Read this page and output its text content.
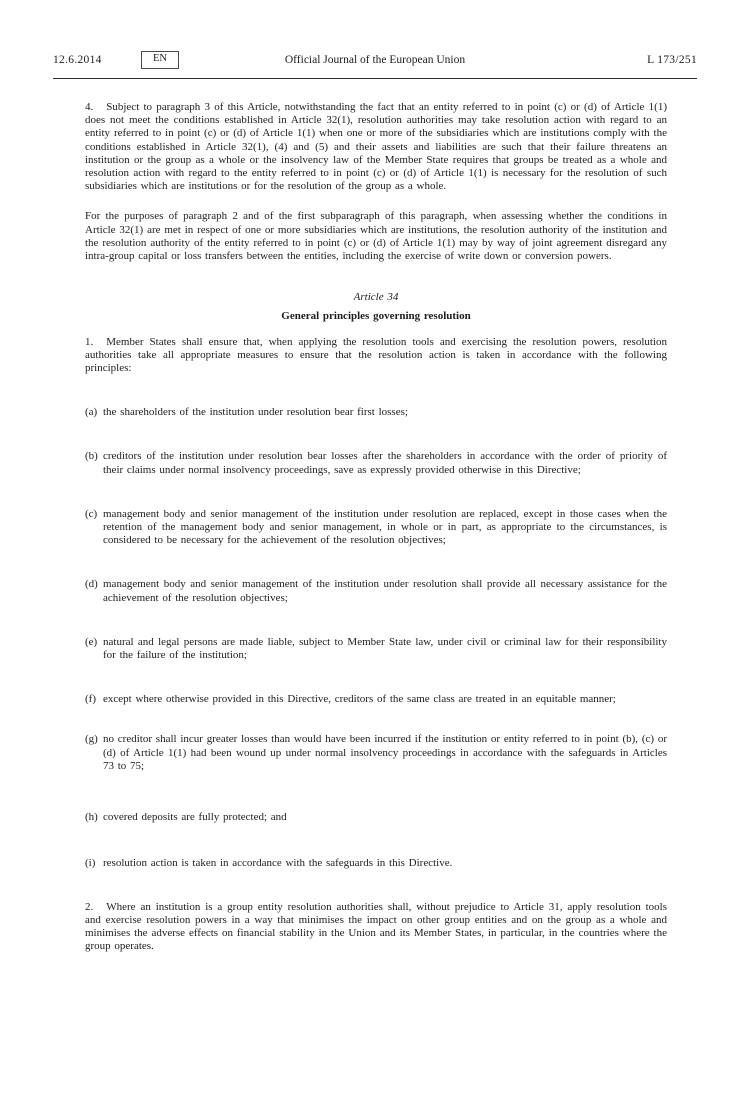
12.6.2014	EN	Official Journal of the European Union	L 173/251

4. Subject to paragraph 3 of this Article, notwithstanding the fact that an entity referred to in point (c) or (d) of Article 1(1) does not meet the conditions established in Article 32(1), resolution authorities may take resolution action with regard to an entity referred to in point (c) or (d) of Article 1(1) when one or more of the subsidiaries which are institutions comply with the conditions established in Article 32(1), (4) and (5) and their assets and liabilities are such that their failure threatens an institution or the group as a whole or the insolvency law of the Member State requires that groups be treated as a whole and resolution action with regard to the entity referred to in point (c) or (d) of Article 1(1) is necessary for the resolution of such subsidiaries which are institutions or for the resolution of the group as a whole.

For the purposes of paragraph 2 and of the first subparagraph of this paragraph, when assessing whether the conditions in Article 32(1) are met in respect of one or more subsidiaries which are institutions, the resolution authority of the institution and the resolution authority of the entity referred to in point (c) or (d) of Article 1(1) may by way of joint agreement disregard any intra-group capital or loss transfers between the entities, including the exercise of write down or conversion powers.

Article 34

General principles governing resolution

1. Member States shall ensure that, when applying the resolution tools and exercising the resolution powers, resolution authorities take all appropriate measures to ensure that the resolution action is taken in accordance with the following principles:

(a) the shareholders of the institution under resolution bear first losses;
(b) creditors of the institution under resolution bear losses after the shareholders in accordance with the order of priority of their claims under normal insolvency proceedings, save as expressly provided otherwise in this Directive;
(c) management body and senior management of the institution under resolution are replaced, except in those cases when the retention of the management body and senior management, in whole or in part, as appropriate to the circumstances, is considered to be necessary for the achievement of the resolution objectives;
(d) management body and senior management of the institution under resolution shall provide all necessary assistance for the achievement of the resolution objectives;
(e) natural and legal persons are made liable, subject to Member State law, under civil or criminal law for their responsibility for the failure of the institution;
(f) except where otherwise provided in this Directive, creditors of the same class are treated in an equitable manner;
(g) no creditor shall incur greater losses than would have been incurred if the institution or entity referred to in point (b), (c) or (d) of Article 1(1) had been wound up under normal insolvency proceedings in accordance with the safeguards in Articles 73 to 75;
(h) covered deposits are fully protected; and
(i) resolution action is taken in accordance with the safeguards in this Directive.

2. Where an institution is a group entity resolution authorities shall, without prejudice to Article 31, apply resolution tools and exercise resolution powers in a way that minimises the impact on other group entities and on the group as a whole and minimises the adverse effects on financial stability in the Union and its Member States, in particular, in the countries where the group operates.
